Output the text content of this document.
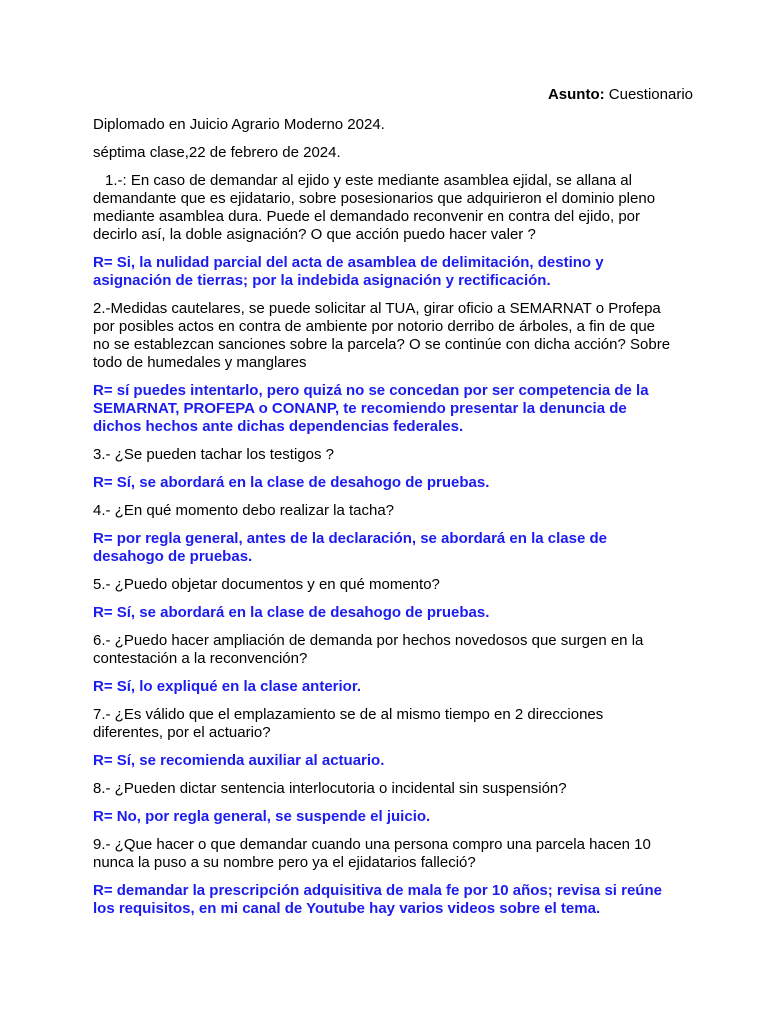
Asunto: Cuestionario

Diplomado en Juicio Agrario Moderno 2024.

séptima clase,22 de febrero de 2024.

1.-: En caso de demandar al ejido y este mediante asamblea ejidal, se allana al demandante que es ejidatario, sobre posesionarios que adquirieron el dominio pleno mediante asamblea dura. Puede el demandado reconvenir en contra del ejido, por decirlo así, la doble asignación? O que acción puedo hacer valer ?

R= Si, la nulidad parcial del acta de asamblea de delimitación, destino y asignación de tierras; por la indebida asignación y rectificación.

2.-Medidas cautelares, se puede solicitar al TUA, girar oficio a SEMARNAT o Profepa por posibles actos en contra de ambiente por notorio derribo de árboles, a fin de que no se establezcan sanciones sobre la parcela? O se continúe con dicha acción? Sobre todo de humedales y manglares

R= sí puedes intentarlo, pero quizá no se concedan por ser competencia de la SEMARNAT, PROFEPA o CONANP, te recomiendo presentar la denuncia de dichos hechos ante dichas dependencias federales.

3.- ¿Se pueden tachar los testigos ?

R= Sí, se abordará en la clase de desahogo de pruebas.

4.- ¿En qué momento debo realizar la tacha?

R= por regla general, antes de la declaración, se abordará en la clase de desahogo de pruebas.

5.- ¿Puedo objetar documentos y en qué momento?

R= Sí, se abordará en la clase de desahogo de pruebas.

6.- ¿Puedo hacer ampliación de demanda por hechos novedosos que surgen en la contestación a la reconvención?

R= Sí, lo expliqué en la clase anterior.

7.- ¿Es válido que el emplazamiento se de al mismo tiempo en 2 direcciones diferentes, por el actuario?

R= Sí, se recomienda auxiliar al actuario.

8.- ¿Pueden dictar sentencia interlocutoria o incidental sin suspensión?

R= No, por regla general, se suspende el juicio.

9.- ¿Que hacer o que demandar cuando una persona compro una parcela hacen 10 nunca la puso a su nombre pero ya el ejidatarios falleció?

R= demandar la prescripción adquisitiva de mala fe por 10 años; revisa si reúne los requisitos, en mi canal de Youtube hay varios videos sobre el tema.
